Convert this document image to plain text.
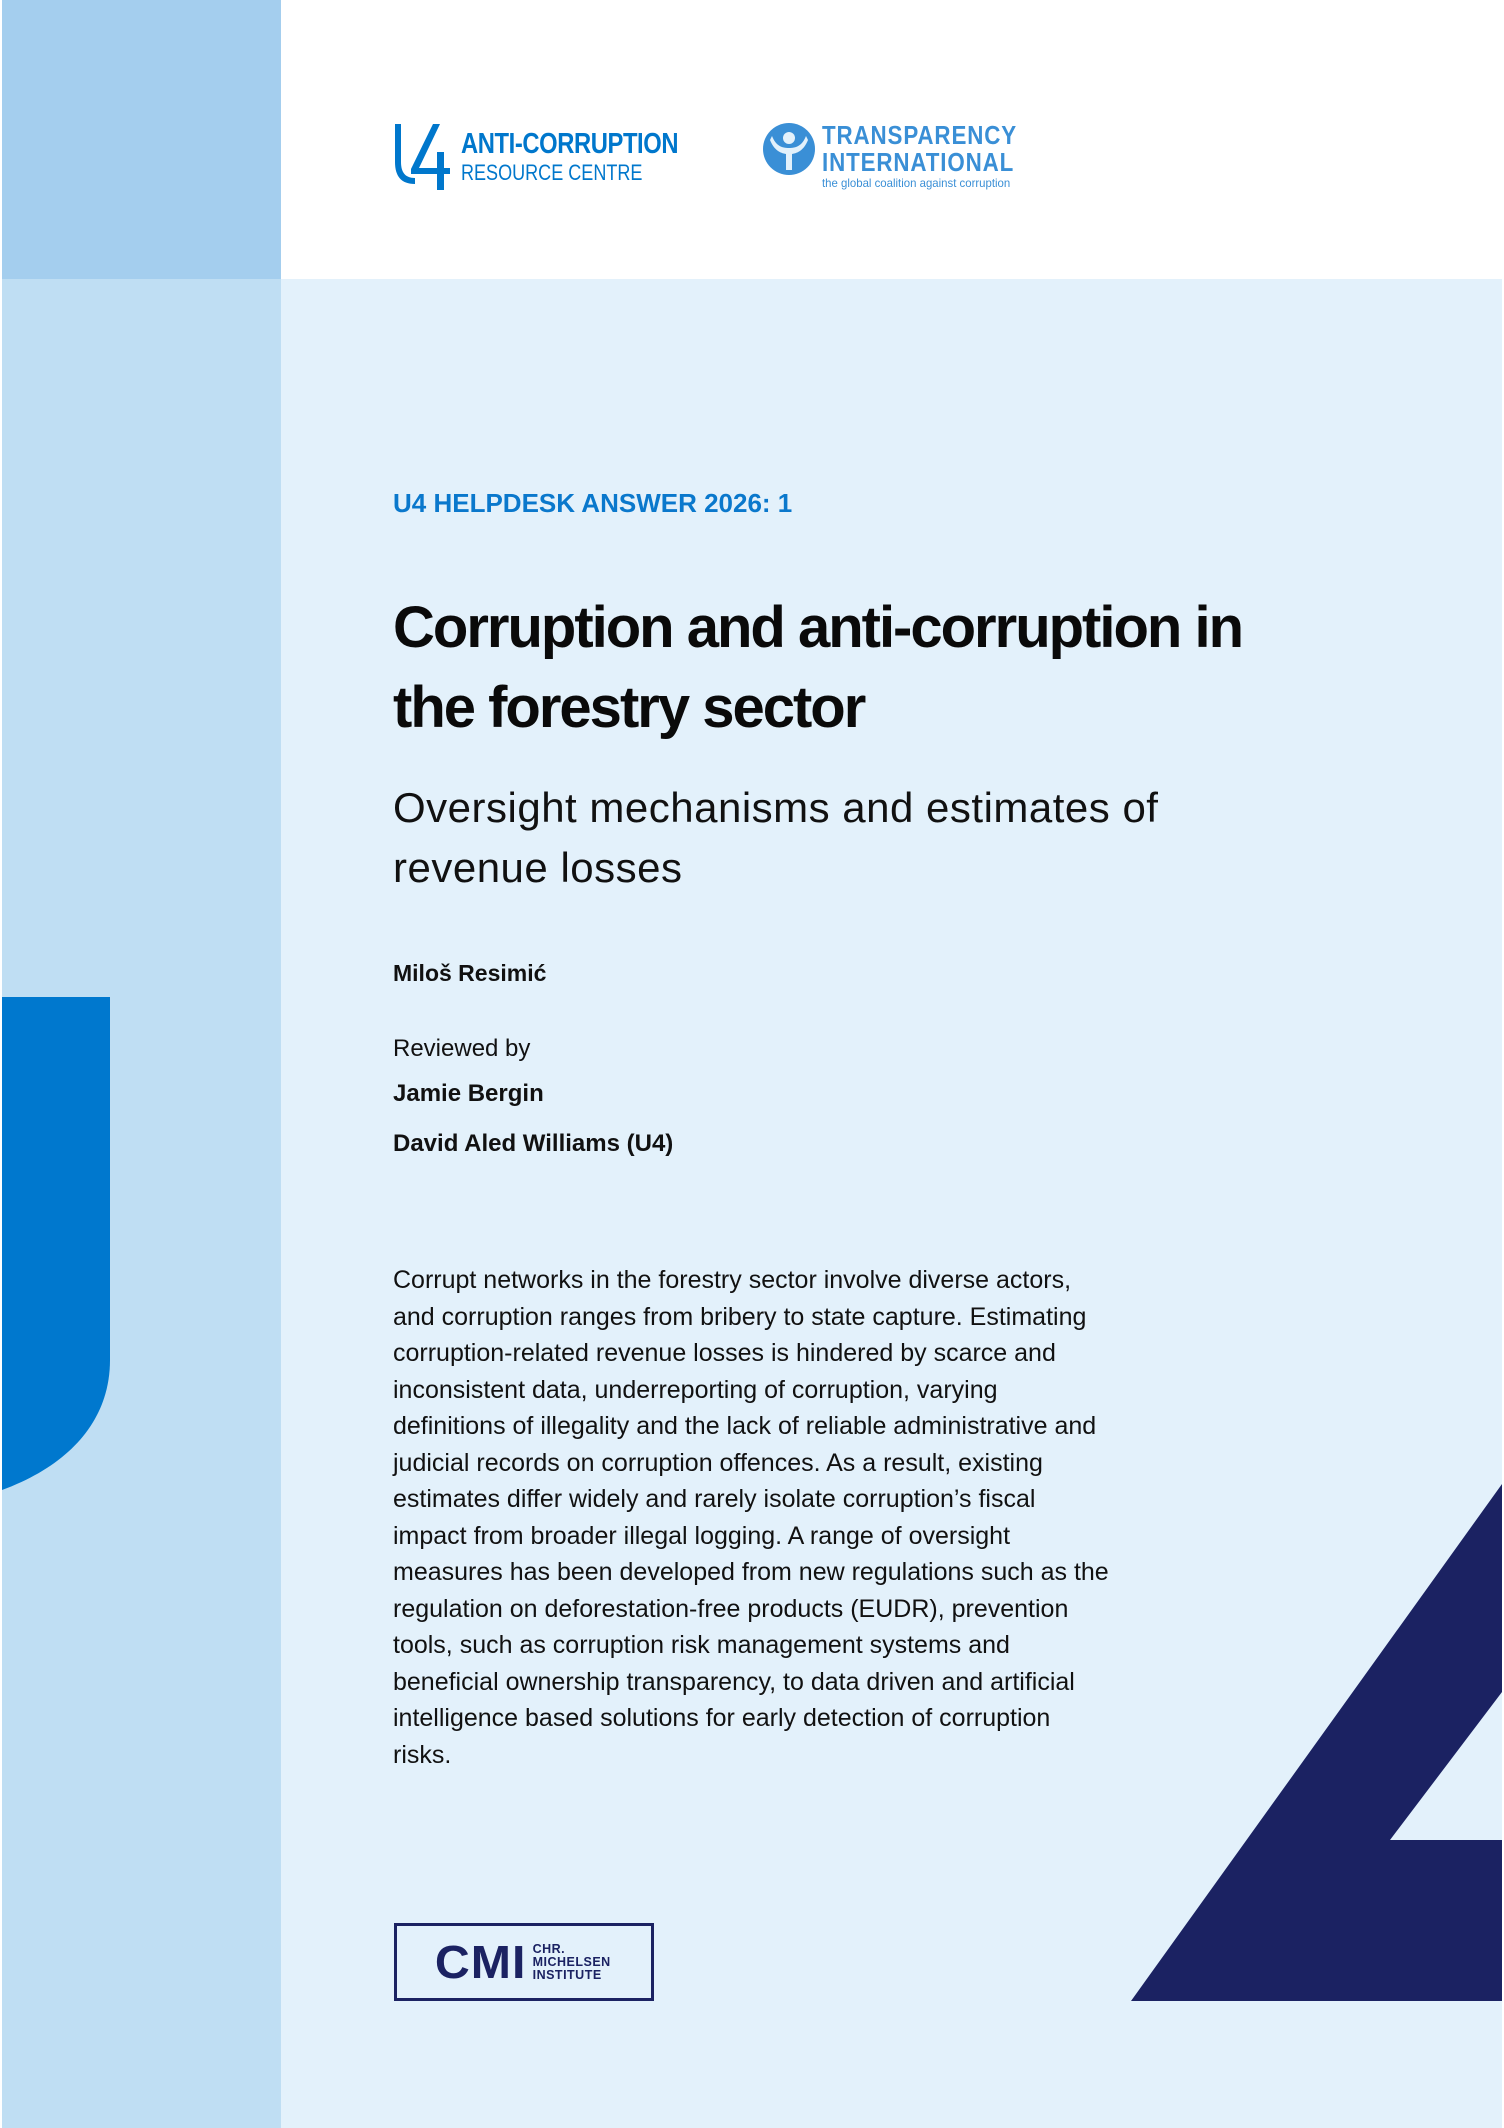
ANTI-CORRUPTION
RESOURCE CENTRE
TRANSPARENCY
INTERNATIONAL
the global coalition against corruption
U4 HELPDESK ANSWER 2026: 1
Corruption and anti-corruption in
the forestry sector
Oversight mechanisms and estimates of
revenue losses
Miloš Resimić
Reviewed by
Jamie Bergin
David Aled Williams (U4)
Corrupt networks in the forestry sector involve diverse actors,
and corruption ranges from bribery to state capture. Estimating
corruption-related revenue losses is hindered by scarce and
inconsistent data, underreporting of corruption, varying
definitions of illegality and the lack of reliable administrative and
judicial records on corruption offences. As a result, existing
estimates differ widely and rarely isolate corruption’s fiscal
impact from broader illegal logging. A range of oversight
measures has been developed from new regulations such as the
regulation on deforestation-free products (EUDR), prevention
tools, such as corruption risk management systems and
beneficial ownership transparency, to data driven and artificial
intelligence based solutions for early detection of corruption
risks.
CMI CHR.
MICHELSEN
INSTITUTE
